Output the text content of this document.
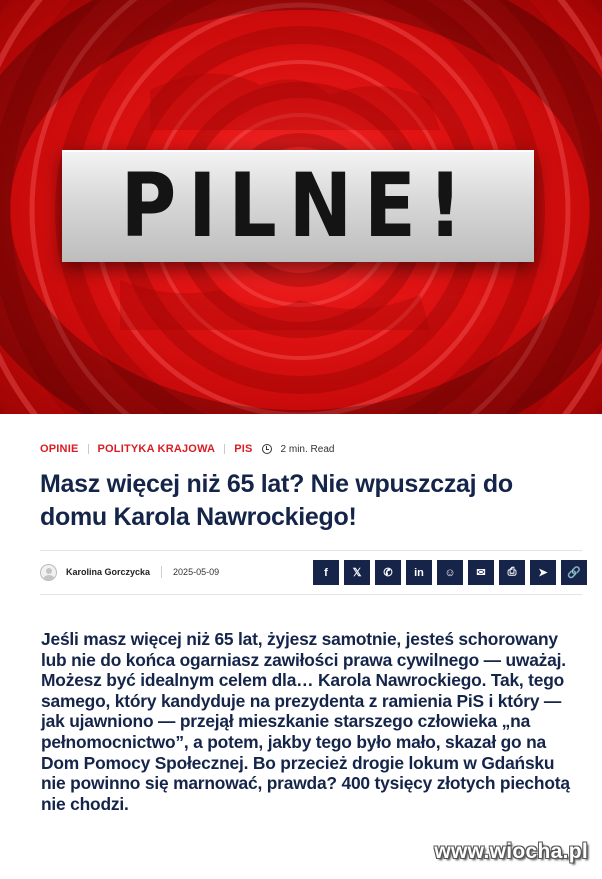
PILNE!
OPINIE POLITYKA KRAJOWA PIS	2 min. Read
Masz więcej niż 65 lat? Nie wpuszczaj do domu Karola Nawrockiego!
Karolina Gorczycka	2025-05-09	f 𝕏 ✆ in ☺ ✉ ⎙ ➤ 🔗

Jeśli masz więcej niż 65 lat, żyjesz samotnie, jesteś schorowany lub nie do końca ogarniasz zawiłości prawa cywilnego — uważaj. Możesz być idealnym celem dla… Karola Nawrockiego. Tak, tego samego, który kandyduje na prezydenta z ramienia PiS i który — jak ujawniono — przejął mieszkanie starszego człowieka „na pełnomocnictwo”, a potem, jakby tego było mało, skazał go na Dom Pomocy Społecznej. Bo przecież drogie lokum w Gdańsku nie powinno się marnować, prawda? 400 tysięcy złotych piechotą nie chodzi.

www.wiocha.pl
